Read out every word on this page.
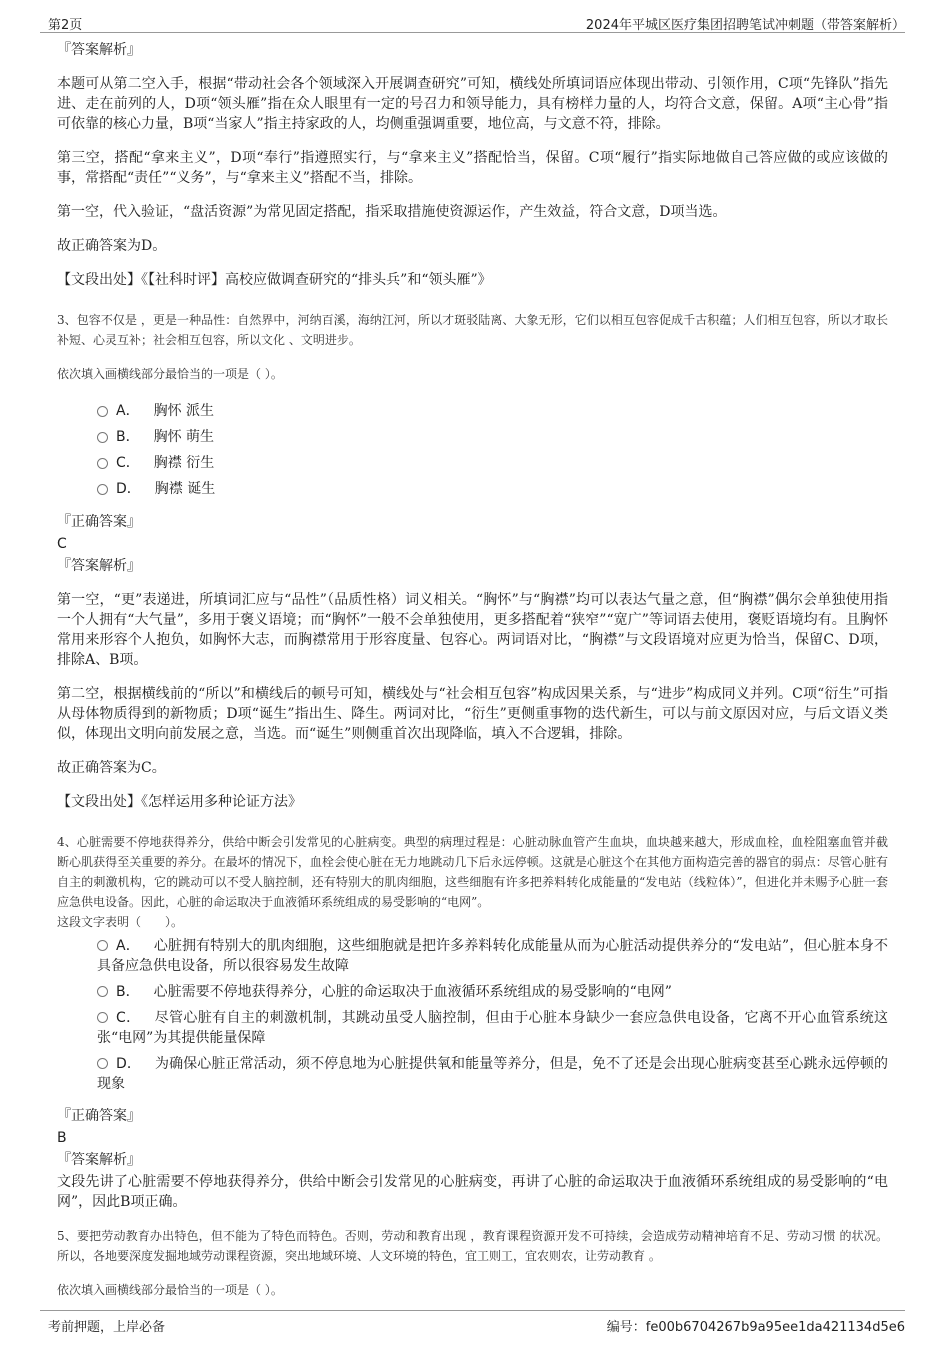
第2页	2024年平城区医疗集团招聘笔试冲刺题（带答案解析）
『答案解析』

本题可从第二空入手，根据“带动社会各个领域深入开展调查研究”可知，横线处所填词语应体现出带动、引领作用，C项“先锋队”指先进、走在前列的人，D项“领头雁”指在众人眼里有一定的号召力和领导能力，具有榜样力量的人，均符合文意，保留。A项“主心骨”指可依靠的核心力量，B项“当家人”指主持家政的人，均侧重强调重要，地位高，与文意不符，排除。

第三空，搭配“拿来主义”，D项“奉行”指遵照实行，与“拿来主义”搭配恰当，保留。C项“履行”指实际地做自己答应做的或应该做的事，常搭配“责任”“义务”，与“拿来主义”搭配不当，排除。

第一空，代入验证，“盘活资源”为常见固定搭配，指采取措施使资源运作，产生效益，符合文意，D项当选。

故正确答案为D。

【文段出处】《【社科时评】高校应做调查研究的“排头兵”和“领头雁”》

3、包容不仅是 ，更是一种品性：自然界中，河纳百溪，海纳江河，所以才斑驳陆离、大象无形，它们以相互包容促成千古积蕴；人们相互包容，所以才取长补短、心灵互补；社会相互包容，所以文化 、文明进步。

依次填入画横线部分最恰当的一项是（ ）。

A． 胸怀 派生
B． 胸怀 萌生
C． 胸襟 衍生
D． 胸襟 诞生
『正确答案』
C
『答案解析』

第一空，“更”表递进，所填词汇应与“品性”（品质性格）词义相关。“胸怀”与“胸襟”均可以表达气量之意，但“胸襟”偶尔会单独使用指一个人拥有“大气量”，多用于褒义语境；而“胸怀”一般不会单独使用，更多搭配着“狭窄”“宽广”等词语去使用，褒贬语境均有。且胸怀常用来形容个人抱负，如胸怀大志，而胸襟常用于形容度量、包容心。两词语对比，“胸襟”与文段语境对应更为恰当，保留C、D项，排除A、B项。

第二空，根据横线前的“所以”和横线后的顿号可知，横线处与“社会相互包容”构成因果关系，与“进步”构成同义并列。C项“衍生”可指从母体物质得到的新物质；D项“诞生”指出生、降生。两词对比，“衍生”更侧重事物的迭代新生，可以与前文原因对应，与后文语义类似，体现出文明向前发展之意，当选。而“诞生”则侧重首次出现降临，填入不合逻辑，排除。

故正确答案为C。

【文段出处】《怎样运用多种论证方法》

4、心脏需要不停地获得养分，供给中断会引发常见的心脏病变。典型的病理过程是：心脏动脉血管产生血块，血块越来越大，形成血栓，血栓阻塞血管并截断心肌获得至关重要的养分。在最坏的情况下，血栓会使心脏在无力地跳动几下后永远停顿。这就是心脏这个在其他方面构造完善的器官的弱点：尽管心脏有自主的刺激机构，它的跳动可以不受人脑控制，还有特别大的肌肉细胞，这些细胞有许多把养料转化成能量的“发电站（线粒体）”，但进化并未赐予心脏一套应急供电设备。因此，心脏的命运取决于血液循环系统组成的易受影响的“电网”。

这段文字表明（　　）。

A． 心脏拥有特别大的肌肉细胞，这些细胞就是把许多养料转化成能量从而为心脏活动提供养分的“发电站”，但心脏本身不具备应急供电设备，所以很容易发生故障
B． 心脏需要不停地获得养分，心脏的命运取决于血液循环系统组成的易受影响的“电网”
C． 尽管心脏有自主的刺激机制，其跳动虽受人脑控制，但由于心脏本身缺少一套应急供电设备，它离不开心血管系统这张“电网”为其提供能量保障
D． 为确保心脏正常活动，须不停息地为心脏提供氧和能量等养分，但是，免不了还是会出现心脏病变甚至心跳永远停顿的现象
『正确答案』
B
『答案解析』

文段先讲了心脏需要不停地获得养分，供给中断会引发常见的心脏病变，再讲了心脏的命运取决于血液循环系统组成的易受影响的“电网”，因此B项正确。

5、要把劳动教育办出特色，但不能为了特色而特色。否则，劳动和教育出现 ，教育课程资源开发不可持续，会造成劳动精神培育不足、劳动习惯 的状况。所以，各地要深度发掘地域劳动课程资源，突出地域环境、人文环境的特色，宜工则工，宜农则农，让劳动教育 。

依次填入画横线部分最恰当的一项是（ ）。

考前押题，上岸必备	编号：fe00b6704267b9a95ee1da421134d5e6
